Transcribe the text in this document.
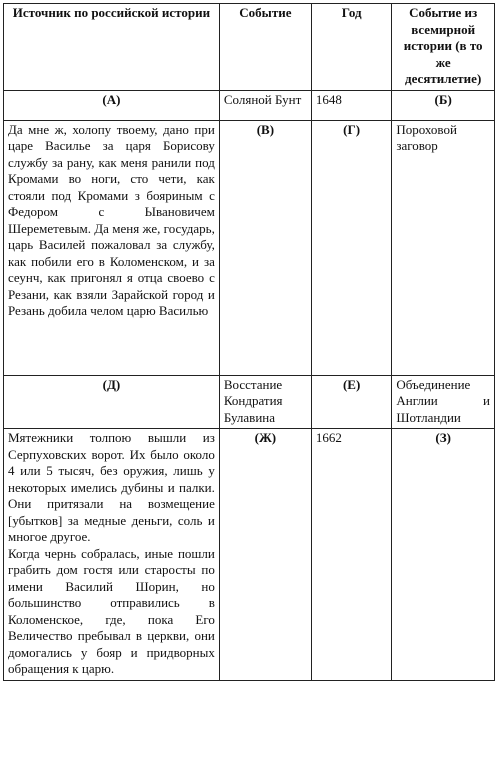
Источник по российской истории	Событие	Год	Событие из всемирной истории (в то же десятилетие)
(А)	Соляной Бунт	1648	(Б)
Да мне ж, холопу твоему, дано при царе Василье за царя Борисову службу за рану, как меня ранили под Кромами во ноги, сто чети, как стояли под Кромами з бояриным с Федором с Ывановичем Шереметевым. Да меня же, государь, царь Василей пожаловал за службу, как побили его в Коломенском, и за сеунч, как пригонял я отца своево с Резани, как взяли Зарайской город и Резань добила челом царю Василью	(В)	(Г)	Пороховой заговор
(Д)	Восстание Кондратия Булавина	(Е)	Объединение Англии и Шотландии

Мятежники толпою вышли из Серпуховских ворот. Их было около 4 или 5 тысяч, без оружия, лишь у некоторых имелись дубины и палки. Они притязали на возмещение [убытков] за медные деньги, соль и многое другое.

Когда чернь собралась, иные пошли грабить дом гостя или старосты по имени Василий Шорин, но большинство отправились в Коломенское, где, пока Его Величество пребывал в церкви, они домогались у бояр и придворных обращения к царю.	(Ж)	1662	(З)
